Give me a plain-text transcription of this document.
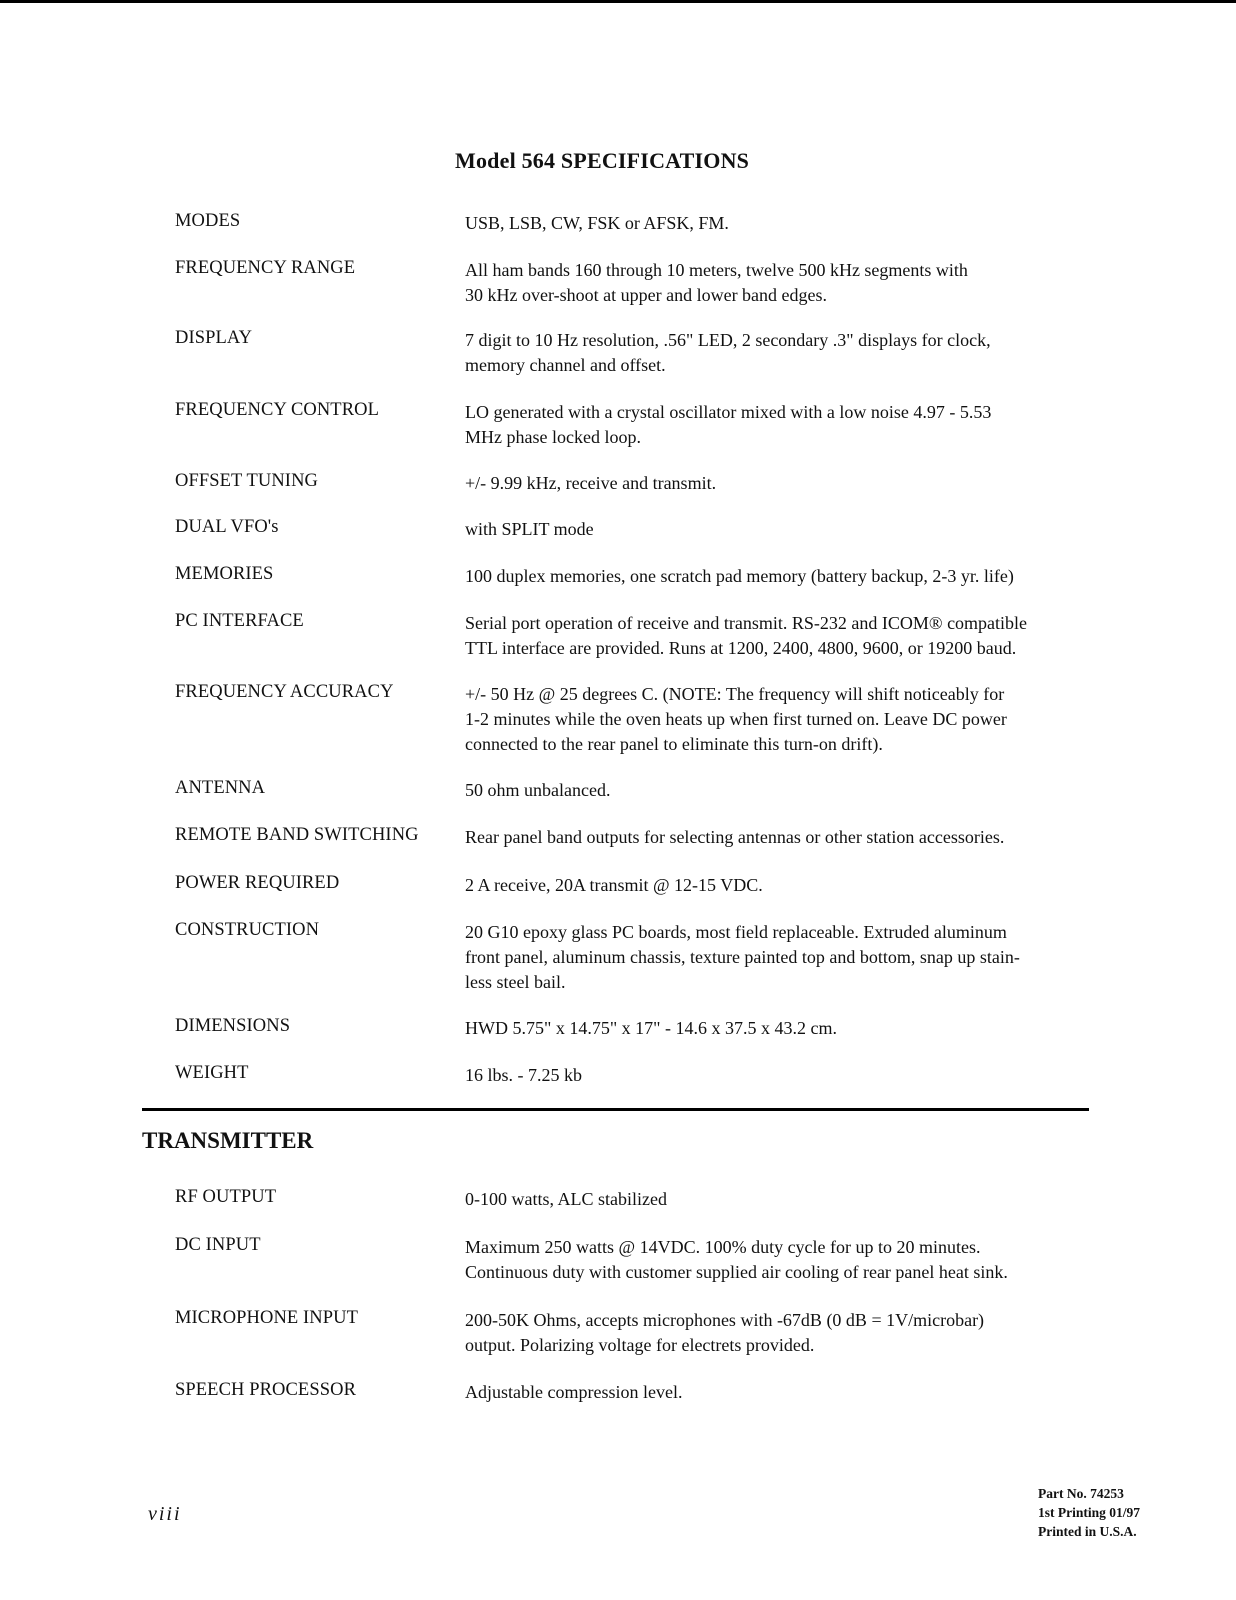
Model 564 SPECIFICATIONS
MODES	USB, LSB, CW, FSK or AFSK, FM.
FREQUENCY RANGE	All ham bands 160 through 10 meters, twelve 500 kHz segments with
30 kHz over-shoot at upper and lower band edges.
DISPLAY	7 digit to 10 Hz resolution, .56" LED, 2 secondary .3" displays for clock,
memory channel and offset.
FREQUENCY CONTROL	LO generated with a crystal oscillator mixed with a low noise 4.97 - 5.53
MHz phase locked loop.
OFFSET TUNING	+/- 9.99 kHz, receive and transmit.
DUAL VFO's	with SPLIT mode
MEMORIES	100 duplex memories, one scratch pad memory (battery backup, 2-3 yr. life)
PC INTERFACE	Serial port operation of receive and transmit. RS-232 and ICOM® compatible
TTL interface are provided. Runs at 1200, 2400, 4800, 9600, or 19200 baud.
FREQUENCY ACCURACY	+/- 50 Hz @ 25 degrees C. (NOTE: The frequency will shift noticeably for
1-2 minutes while the oven heats up when first turned on. Leave DC power
connected to the rear panel to eliminate this turn-on drift).
ANTENNA	50 ohm unbalanced.
REMOTE BAND SWITCHING	Rear panel band outputs for selecting antennas or other station accessories.
POWER REQUIRED	2 A receive, 20A transmit @ 12-15 VDC.
CONSTRUCTION	20 G10 epoxy glass PC boards, most field replaceable. Extruded aluminum
front panel, aluminum chassis, texture painted top and bottom, snap up stain-
less steel bail.
DIMENSIONS	HWD 5.75" x 14.75" x 17" - 14.6 x 37.5 x 43.2 cm.
WEIGHT	16 lbs. - 7.25 kb
TRANSMITTER
RF OUTPUT	0-100 watts, ALC stabilized
DC INPUT	Maximum 250 watts @ 14VDC. 100% duty cycle for up to 20 minutes.
Continuous duty with customer supplied air cooling of rear panel heat sink.
MICROPHONE INPUT	200-50K Ohms, accepts microphones with -67dB (0 dB = 1V/microbar)
output. Polarizing voltage for electrets provided.
SPEECH PROCESSOR	Adjustable compression level.
viii
Part No. 74253
1st Printing 01/97
Printed in U.S.A.
